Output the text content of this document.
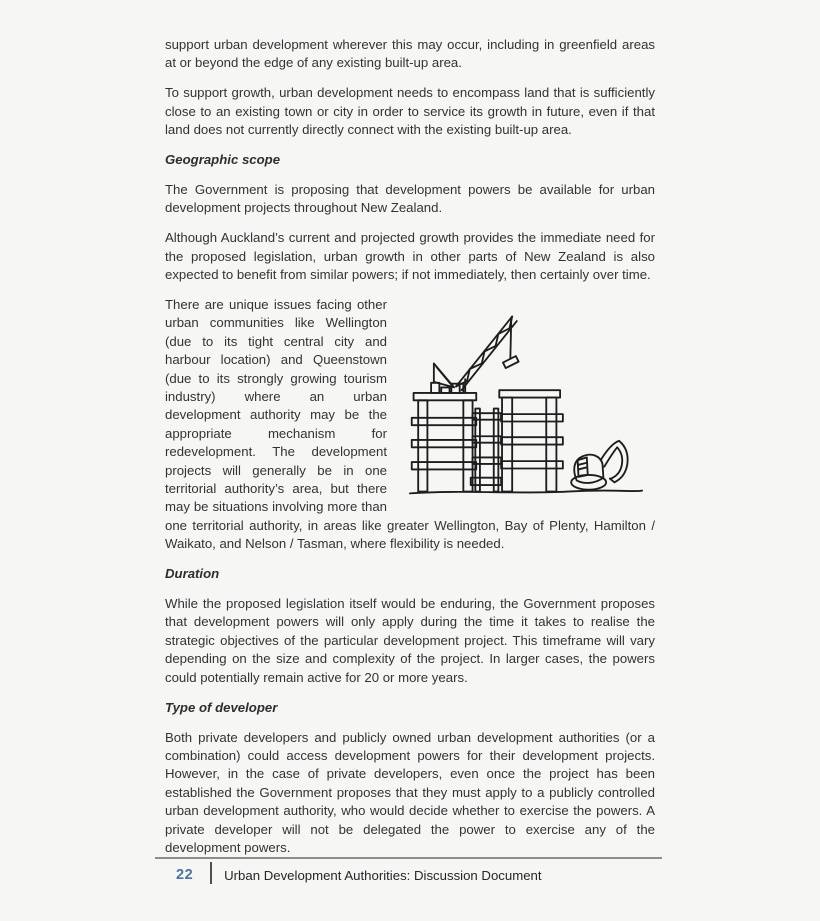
support urban development wherever this may occur, including in greenfield areas at or beyond the edge of any existing built-up area.

To support growth, urban development needs to encompass land that is sufficiently close to an existing town or city in order to service its growth in future, even if that land does not currently directly connect with the existing built-up area.

Geographic scope

The Government is proposing that development powers be available for urban development projects throughout New Zealand.

Although Auckland’s current and projected growth provides the immediate need for the proposed legislation, urban growth in other parts of New Zealand is also expected to benefit from similar powers; if not immediately, then certainly over time.

There are unique issues facing other urban communities like Wellington (due to its tight central city and harbour location) and Queenstown (due to its strongly growing tourism industry) where an urban development authority may be the appropriate mechanism for redevelopment. The development projects will generally be in one territorial authority’s area, but there may be situations involving more than one territorial authority, in areas like greater Wellington, Bay of Plenty, Hamilton / Waikato, and Nelson / Tasman, where flexibility is needed.

Duration

While the proposed legislation itself would be enduring, the Government proposes that development powers will only apply during the time it takes to realise the strategic objectives of the particular development project. This timeframe will vary depending on the size and complexity of the project. In larger cases, the powers could potentially remain active for 20 or more years.

Type of developer

Both private developers and publicly owned urban development authorities (or a combination) could access development powers for their development projects. However, in the case of private developers, even once the project has been established the Government proposes that they must apply to a publicly controlled urban development authority, who would decide whether to exercise the powers. A private developer will not be delegated the power to exercise any of the development powers.

22 Urban Development Authorities: Discussion Document
